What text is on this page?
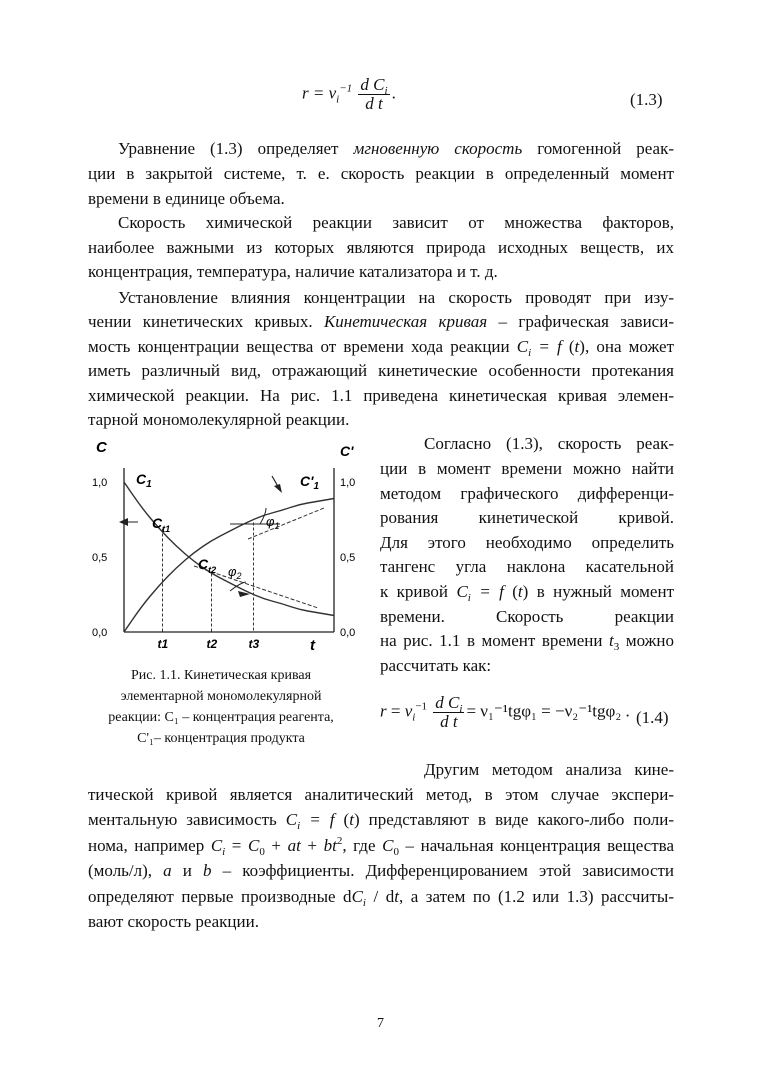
$r = \nu_i^{-1} \frac{d C_i}{\text{d t}}$ .	(1.3)
Уравнение (1.3) определяет мгновенную скорость гомогенной реак-
ции в закрытой системе, т. е. скорость реакции в определенный момент
времени в единице объема.
Скорость химической реакции зависит от множества факторов,
наиболее важными из которых являются природа исходных веществ, их
концентрация, температура, наличие катализатора и т. д.
Установление влияния концентрации на скорость проводят при изу-
чении кинетических кривых. Кинетическая кривая – графическая зависи-
мость концентрации вещества от времени хода реакции $C_i = f$ (t), она может
иметь различный вид, отражающий кинетические особенности протекания
химической реакции. На рис. 1.1 приведена кинетическая кривая элемен-
тарной мономолекулярной реакции.
C	C'
t
$C_1$	$C'_1$
$C_{t1}$
$C_{t2}$
$\varphi_1$
$\varphi_2$
0,0	0,0
0,5	0,5
1,0	1,0
t1	t2	t3
Рис. 1.1. Кинетическая кривая
элементарной мономолекулярной
реакции: C₁ – концентрация реагента,
C'₁– концентрация продукта
Согласно (1.3), скорость реак-
ции в момент времени можно найти
методом графического дифференци-
рования кинетической кривой.
Для этого необходимо определить
тангенс угла наклона касательной
к кривой $C_i = f$ (t) в нужный момент
времени. Скорость реакции
на рис. 1.1 в момент времени $t_3$ можно
рассчитать как:
$r = \nu_i^{-1} \frac{d C_i}{\text{d t}} = \nu_1^{-1}tg\varphi_1 = -\nu_2^{-1}tg\varphi_2$ . (1.4)
Другим методом анализа кине-
тической кривой является аналитический метод, в этом случае экспери-
ментальную зависимость $C_i = f$ (t) представляют в виде какого-либо поли-
нома, например $C_i = C_0$ + at + $bt^2$, где $C_0$ – начальная концентрация вещества
(моль/л), a и b – коэффициенты. Дифференцированием этой зависимости
определяют первые производные $dC_i$ / dt, а затем по (1.2 или 1.3) рассчиты-
вают скорость реакции.
7
